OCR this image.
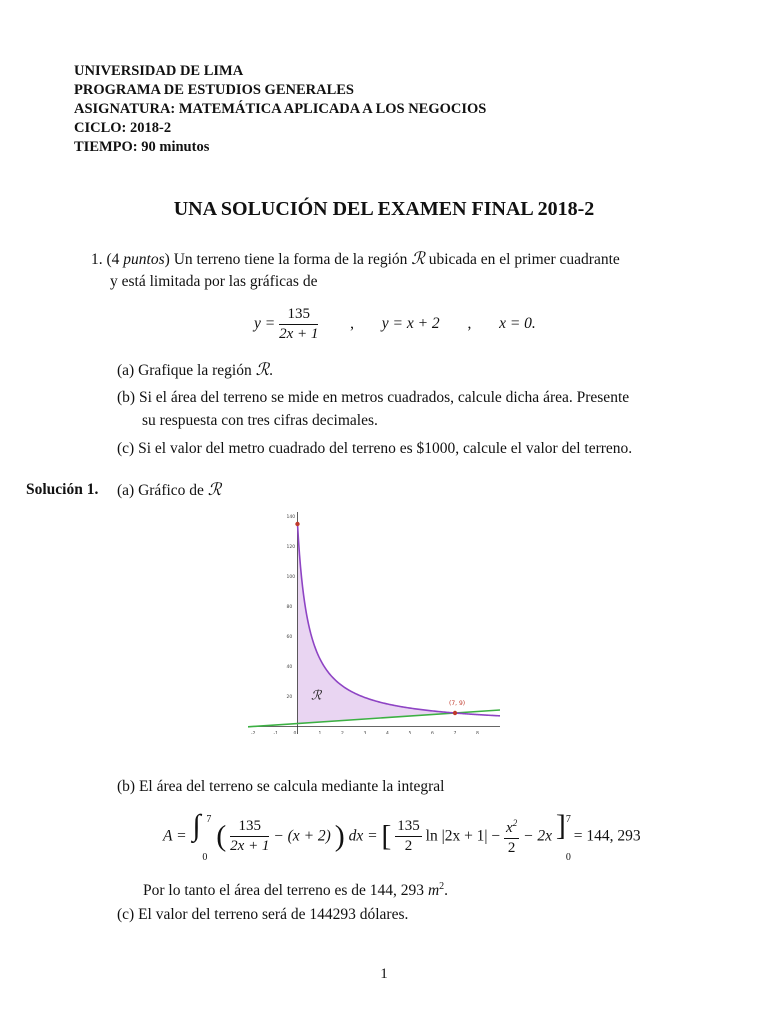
UNIVERSIDAD DE LIMA
PROGRAMA DE ESTUDIOS GENERALES
ASIGNATURA: MATEMÁTICA APLICADA A LOS NEGOCIOS
CICLO: 2018-2
TIEMPO: 90 minutos
UNA SOLUCIÓN DEL EXAMEN FINAL 2018-2
1. (4 puntos) Un terreno tiene la forma de la región ℛ ubicada en el primer cuadrante
y está limitada por las gráficas de
$y = \frac{135}{2x + 1}$ , y = x + 2 , x = 0.
(a) Grafique la región ℛ.
(b) Si el área del terreno se mide en metros cuadrados, calcule dicha área. Presente
su respuesta con tres cifras decimales.
(c) Si el valor del metro cuadrado del terreno es $1000, calcule el valor del terreno.
Solución 1. (a) Gráfico de ℛ
-2	-1	0	1	2	3	4	5	6	7	8
20
40
60
80
100
120
140
(7, 9)
ℛ
(b) El área del terreno se calcula mediante la integral
A = ∫ 7
0
( $\frac{135}{2x + 1} - (x + 2)$ ) dx = [ $\frac{135}{2}$ $\ln |2x + 1| - \frac{x^2}{2} - 2x$ ] 7
0
= 144, 293
Por lo tanto el área del terreno es de 144, 293 $m^2$.
(c) El valor del terreno será de 144293 dólares.
1
